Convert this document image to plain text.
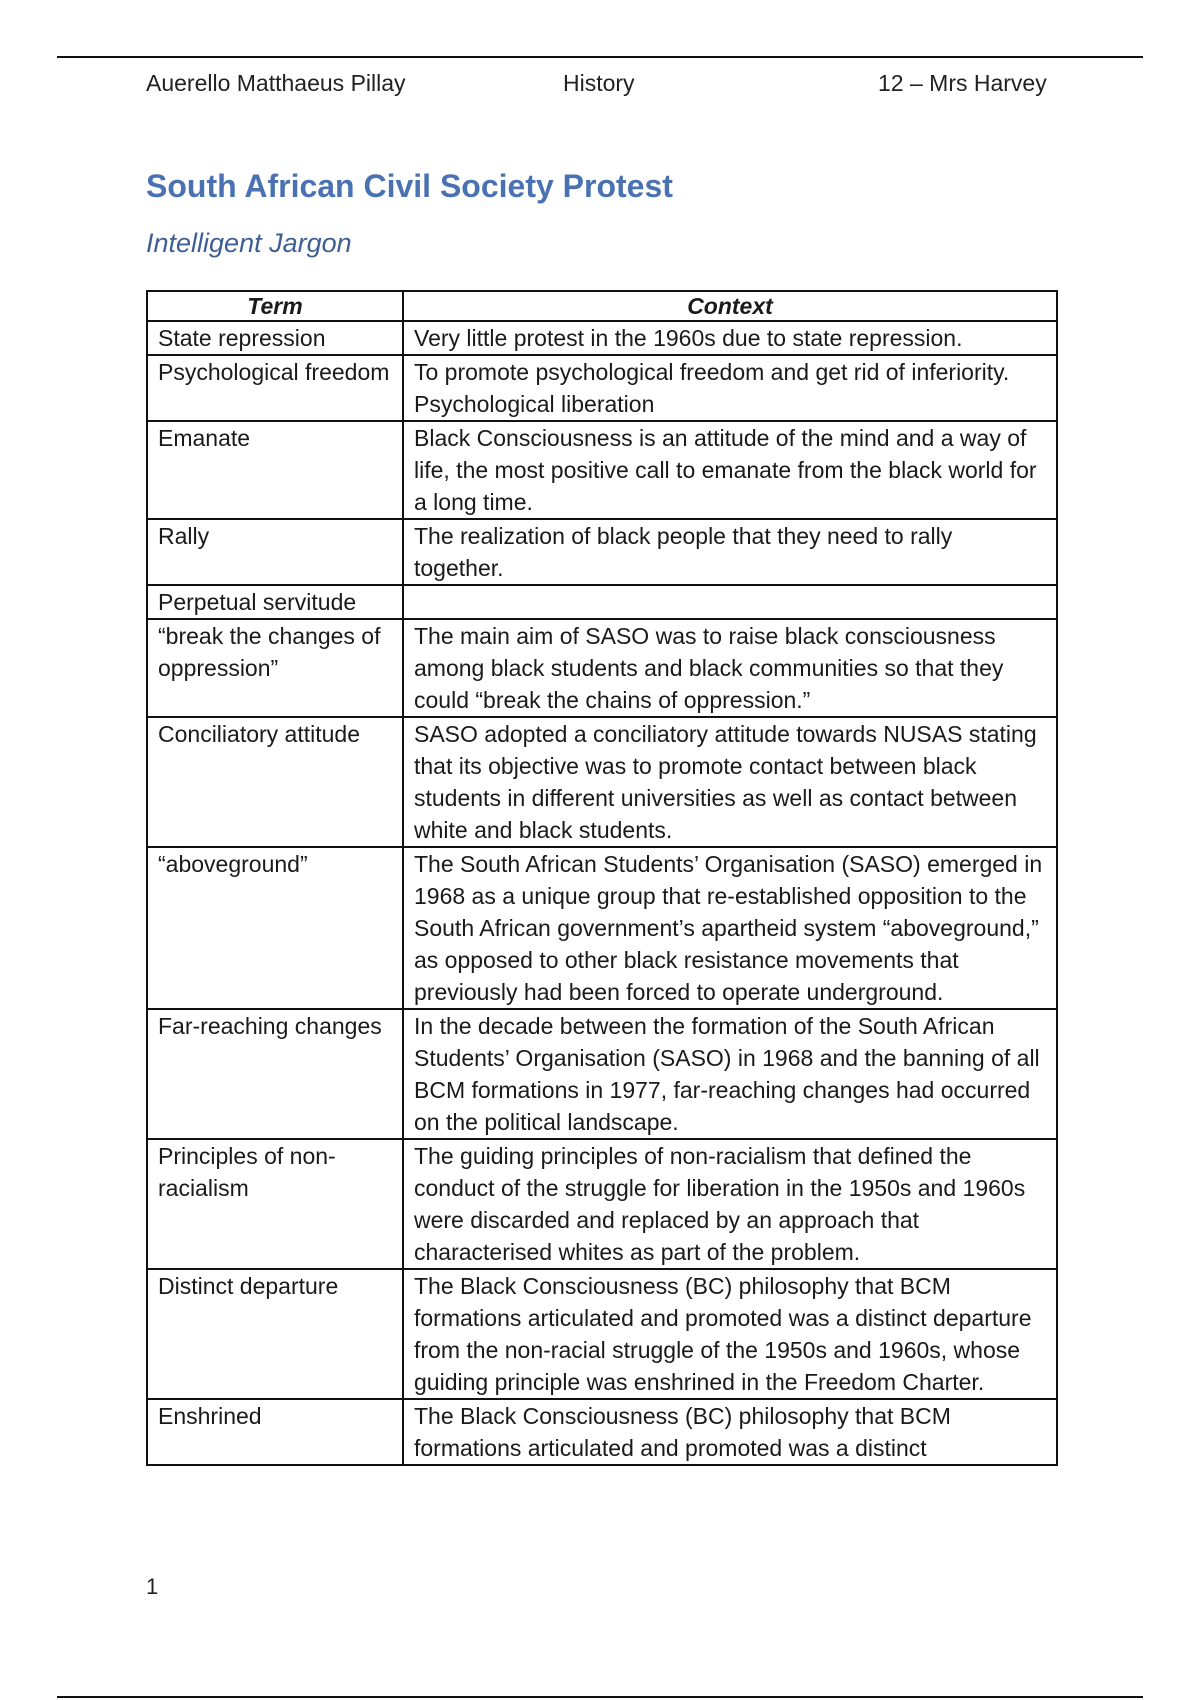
Auerello Matthaeus Pillay	History	12 – Mrs Harvey
South African Civil Society Protest
Intelligent Jargon
Term	Context
State repression	Very little protest in the 1960s due to state repression.

Psychological freedom	To promote psychological freedom and get rid of inferiority.
Psychological liberation

Emanate	Black Consciousness is an attitude of the mind and a way of life, the most positive call to emanate from the black world for a long time.

Rally	The realization of black people that they need to rally together.

Perpetual servitude	

“break the changes of oppression”	The main aim of SASO was to raise black consciousness among black students and black communities so that they could “break the chains of oppression.”

Conciliatory attitude	SASO adopted a conciliatory attitude towards NUSAS stating that its objective was to promote contact between black students in different universities as well as contact between white and black students.

“aboveground”	The South African Students’ Organisation (SASO) emerged in 1968 as a unique group that re-established opposition to the South African government’s apartheid system “aboveground,” as opposed to other black resistance movements that previously had been forced to operate underground.

Far-reaching changes	In the decade between the formation of the South African Students’ Organisation (SASO) in 1968 and the banning of all BCM formations in 1977, far-reaching changes had occurred on the political landscape.

Principles of non-racialism	The guiding principles of non-racialism that defined the conduct of the struggle for liberation in the 1950s and 1960s were discarded and replaced by an approach that characterised whites as part of the problem.

Distinct departure	The Black Consciousness (BC) philosophy that BCM formations articulated and promoted was a distinct departure from the non-racial struggle of the 1950s and 1960s, whose guiding principle was enshrined in the Freedom Charter.

Enshrined	The Black Consciousness (BC) philosophy that BCM formations articulated and promoted was a distinct
1
